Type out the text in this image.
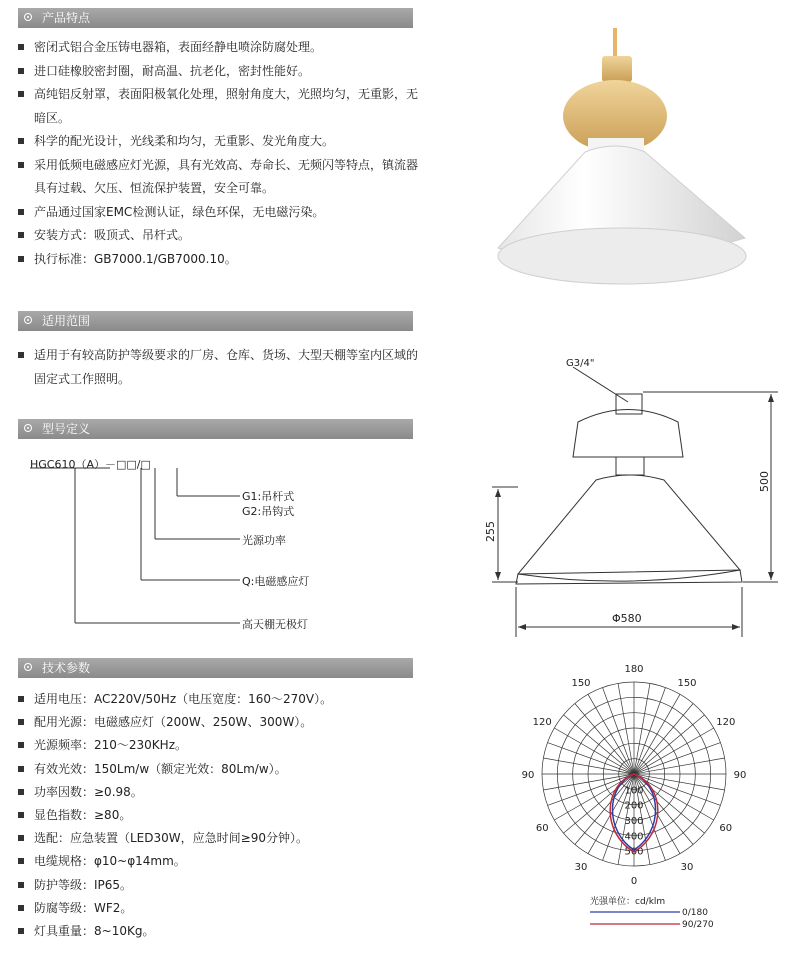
产品特点
适用范围
型号定义
技术参数
密闭式铝合金压铸电器箱，表面经静电喷涂防腐处理。
进口硅橡胶密封圈，耐高温、抗老化，密封性能好。
高纯铝反射罩，表面阳极氧化处理，照射角度大，光照均匀，无重影，无暗区。
科学的配光设计，光线柔和均匀，无重影、发光角度大。
采用低频电磁感应灯光源，具有光效高、寿命长、无频闪等特点，镇流器具有过载、欠压、恒流保护装置，安全可靠。
产品通过国家EMC检测认证，绿色环保，无电磁污染。
安装方式：吸顶式、吊杆式。
执行标准：GB7000.1/GB7000.10。
适用于有较高防护等级要求的厂房、仓库、货场、大型天棚等室内区域的固定式工作照明。
HGC610（A）－□□/□
G1:吊杆式
G2:吊钩式
光源功率
Q:电磁感应灯
高天棚无极灯
适用电压：AC220V/50Hz（电压宽度：160～270V）。
配用光源：电磁感应灯（200W、250W、300W）。
光源频率：210～230KHz。
有效光效：150Lm/w（额定光效：80Lm/w）。
功率因数：≥0.98。
显色指数：≥80。
选配：应急装置（LED30W，应急时间≥90分钟）。
电缆规格：φ10~φ14mm。
防护等级：IP65。
防腐等级：WF2。
灯具重量：8~10Kg。
G3/4"
500
255
Φ580
180
150	150
120	120
90	90
60	60
30	30
0
100
200
300
400
500
光强单位：cd/klm
0/180
90/270
